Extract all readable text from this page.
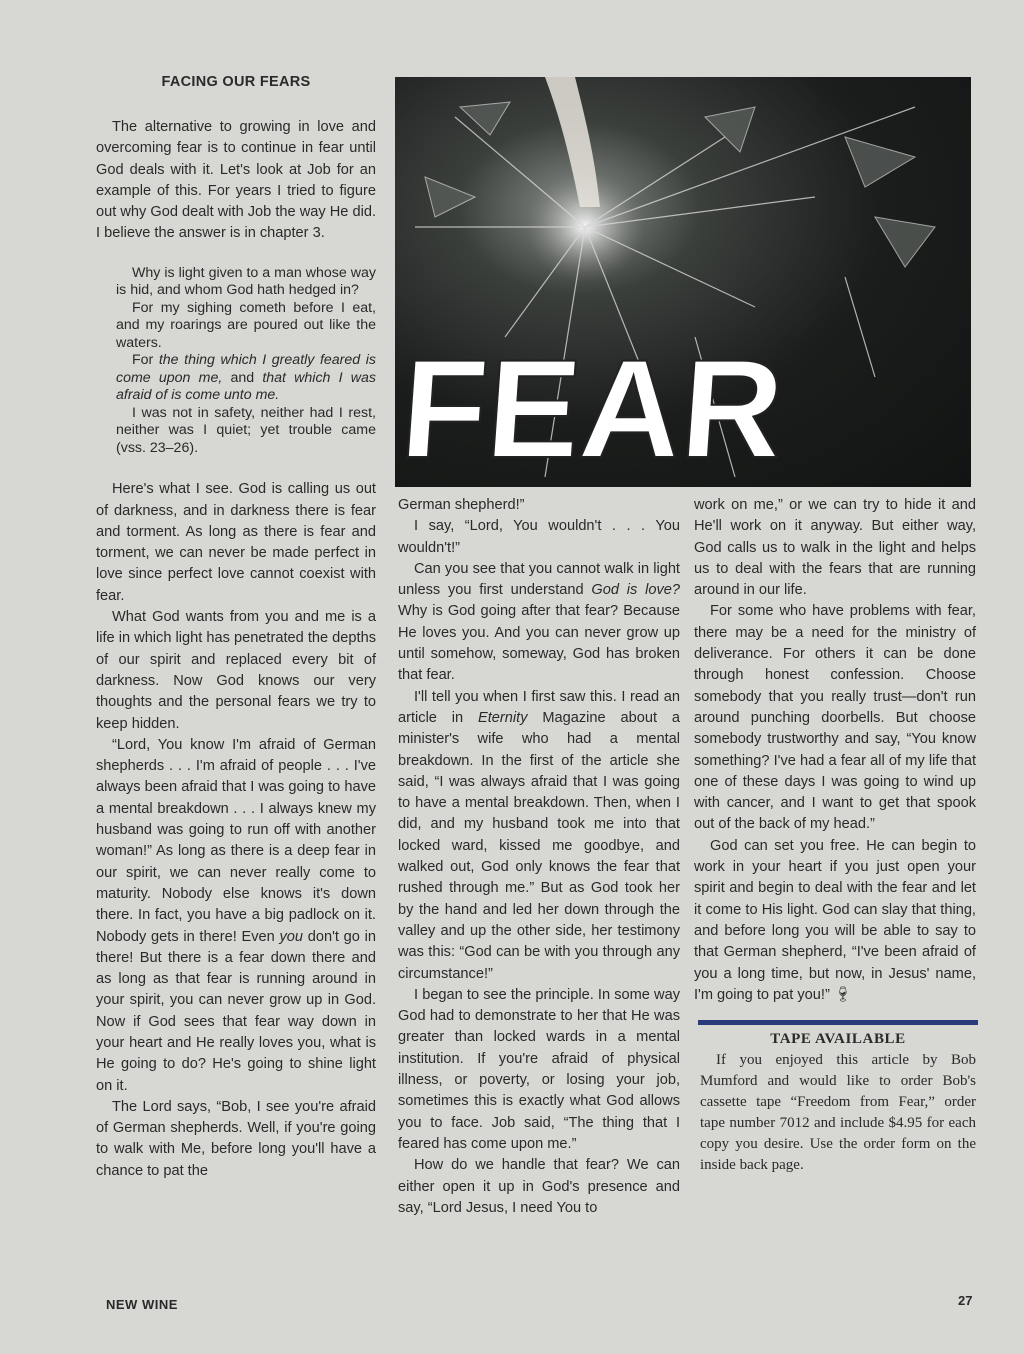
FACING OUR FEARS

The alternative to growing in love and overcoming fear is to continue in fear until God deals with it. Let's look at Job for an example of this. For years I tried to figure out why God dealt with Job the way He did. I believe the answer is in chapter 3.

Why is light given to a man whose way is hid, and whom God hath hedged in?

For my sighing cometh before I eat, and my roarings are poured out like the waters.

For the thing which I greatly feared is come upon me, and that which I was afraid of is come unto me.

I was not in safety, neither had I rest, neither was I quiet; yet trouble came (vss. 23–26).

Here's what I see. God is calling us out of darkness, and in darkness there is fear and torment. As long as there is fear and torment, we can never be made perfect in love since perfect love cannot coexist with fear.

What God wants from you and me is a life in which light has penetrated the depths of our spirit and replaced every bit of darkness. Now God knows our very thoughts and the personal fears we try to keep hidden.

“Lord, You know I'm afraid of German shepherds . . . I'm afraid of people . . . I've always been afraid that I was going to have a mental breakdown . . . I always knew my husband was going to run off with another woman!” As long as there is a deep fear in our spirit, we can never really come to maturity. Nobody else knows it's down there. In fact, you have a big padlock on it. Nobody gets in there! Even you don't go in there! But there is a fear down there and as long as that fear is running around in your spirit, you can never grow up in God. Now if God sees that fear way down in your heart and He really loves you, what is He going to do? He's going to shine light on it.

The Lord says, “Bob, I see you're afraid of German shepherds. Well, if you're going to walk with Me, before long you'll have a chance to pat the

FEAR

German shepherd!”

I say, “Lord, You wouldn't . . . You wouldn't!”

Can you see that you cannot walk in light unless you first understand God is love? Why is God going after that fear? Because He loves you. And you can never grow up until somehow, someway, God has broken that fear.

I'll tell you when I first saw this. I read an article in Eternity Magazine about a minister's wife who had a mental breakdown. In the first of the article she said, “I was always afraid that I was going to have a mental breakdown. Then, when I did, and my husband took me into that locked ward, kissed me goodbye, and walked out, God only knows the fear that rushed through me.” But as God took her by the hand and led her down through the valley and up the other side, her testimony was this: “God can be with you through any circumstance!”

I began to see the principle. In some way God had to demonstrate to her that He was greater than locked wards in a mental institution. If you're afraid of physical illness, or poverty, or losing your job, sometimes this is exactly what God allows you to face. Job said, “The thing that I feared has come upon me.”

How do we handle that fear? We can either open it up in God's presence and say, “Lord Jesus, I need You to

work on me,” or we can try to hide it and He'll work on it anyway. But either way, God calls us to walk in the light and helps us to deal with the fears that are running around in our life.

For some who have problems with fear, there may be a need for the ministry of deliverance. For others it can be done through honest confession. Choose somebody that you really trust—don't run around punching doorbells. But choose somebody trustworthy and say, “You know something? I've had a fear all of my life that one of these days I was going to wind up with cancer, and I want to get that spook out of the back of my head.”

God can set you free. He can begin to work in your heart if you just open your spirit and begin to deal with the fear and let it come to His light. God can slay that thing, and before long you will be able to say to that German shepherd, “I've been afraid of you a long time, but now, in Jesus' name, I'm going to pat you!” 🍷︎

TAPE AVAILABLE

If you enjoyed this article by Bob Mumford and would like to order Bob's cassette tape “Freedom from Fear,” order tape number 7012 and include $4.95 for each copy you desire. Use the order form on the inside back page.

NEW WINE	27
